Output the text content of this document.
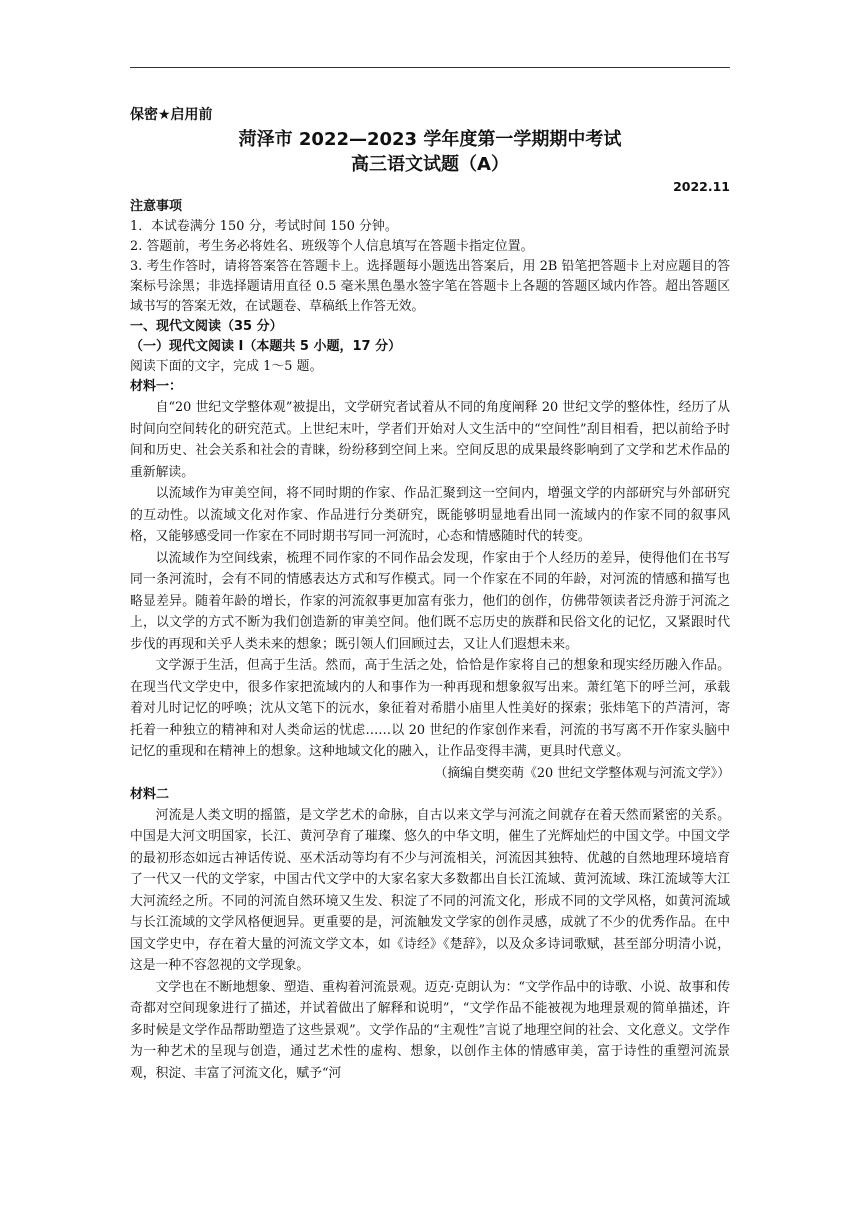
保密★启用前
菏泽市 2022—2023 学年度第一学期期中考试
高三语文试题（A）
2022.11
注意事项
1．本试卷满分 150 分，考试时间 150 分钟。
2. 答题前，考生务必将姓名、班级等个人信息填写在答题卡指定位置。

3. 考生作答时，请将答案答在答题卡上。选择题每小题选出答案后，用 2B 铅笔把答题卡上对应题目的答案标号涂黑；非选择题请用直径 0.5 毫米黑色墨水签字笔在答题卡上各题的答题区域内作答。超出答题区域书写的答案无效，在试题卷、草稿纸上作答无效。

一、现代文阅读（35 分）
（一）现代文阅读 I（本题共 5 小题，17 分）
阅读下面的文字，完成 1～5 题。
材料一：

自“20 世纪文学整体观”被提出，文学研究者试着从不同的角度阐释 20 世纪文学的整体性，经历了从时间向空间转化的研究范式。上世纪末叶，学者们开始对人文生活中的“空间性”刮目相看，把以前给予时间和历史、社会关系和社会的青睐，纷纷移到空间上来。空间反思的成果最终影响到了文学和艺术作品的重新解读。

以流域作为审美空间，将不同时期的作家、作品汇聚到这一空间内，增强文学的内部研究与外部研究的互动性。以流域文化对作家、作品进行分类研究，既能够明显地看出同一流域内的作家不同的叙事风格，又能够感受同一作家在不同时期书写同一河流时，心态和情感随时代的转变。

以流域作为空间线索，梳理不同作家的不同作品会发现，作家由于个人经历的差异，使得他们在书写同一条河流时，会有不同的情感表达方式和写作模式。同一个作家在不同的年龄，对河流的情感和描写也略显差异。随着年龄的增长，作家的河流叙事更加富有张力，他们的创作，仿佛带领读者泛舟游于河流之上，以文学的方式不断为我们创造新的审美空间。他们既不忘历史的族群和民俗文化的记忆，又紧跟时代步伐的再现和关乎人类未来的想象；既引领人们回顾过去，又让人们遐想未来。

文学源于生活，但高于生活。然而，高于生活之处，恰恰是作家将自己的想象和现实经历融入作品。在现当代文学史中，很多作家把流域内的人和事作为一种再现和想象叙写出来。萧红笔下的呼兰河，承载着对儿时记忆的呼唤；沈从文笔下的沅水，象征着对希腊小庙里人性美好的探索；张炜笔下的芦清河，寄托着一种独立的精神和对人类命运的忧虑……以 20 世纪的作家创作来看，河流的书写离不开作家头脑中记忆的重现和在精神上的想象。这种地域文化的融入，让作品变得丰满，更具时代意义。

（摘编自樊奕萌《20 世纪文学整体观与河流文学》）
材料二

河流是人类文明的摇篮，是文学艺术的命脉，自古以来文学与河流之间就存在着天然而紧密的关系。中国是大河文明国家，长江、黄河孕育了璀璨、悠久的中华文明，催生了光辉灿烂的中国文学。中国文学的最初形态如远古神话传说、巫术活动等均有不少与河流相关，河流因其独特、优越的自然地理环境培育了一代又一代的文学家，中国古代文学中的大家名家大多数都出自长江流域、黄河流域、珠江流域等大江大河流经之所。不同的河流自然环境又生发、积淀了不同的河流文化，形成不同的文学风格，如黄河流域与长江流域的文学风格便迥异。更重要的是，河流触发文学家的创作灵感，成就了不少的优秀作品。在中国文学史中，存在着大量的河流文学文本，如《诗经》《楚辞》，以及众多诗词歌赋，甚至部分明清小说，这是一种不容忽视的文学现象。

文学也在不断地想象、塑造、重构着河流景观。迈克·克朗认为：“文学作品中的诗歌、小说、故事和传奇都对空间现象进行了描述，并试着做出了解释和说明”，“文学作品不能被视为地理景观的简单描述，许多时候是文学作品帮助塑造了这些景观”。文学作品的“主观性”言说了地理空间的社会、文化意义。文学作为一种艺术的呈现与创造，通过艺术性的虚构、想象，以创作主体的情感审美，富于诗性的重塑河流景观，积淀、丰富了河流文化，赋予“河
